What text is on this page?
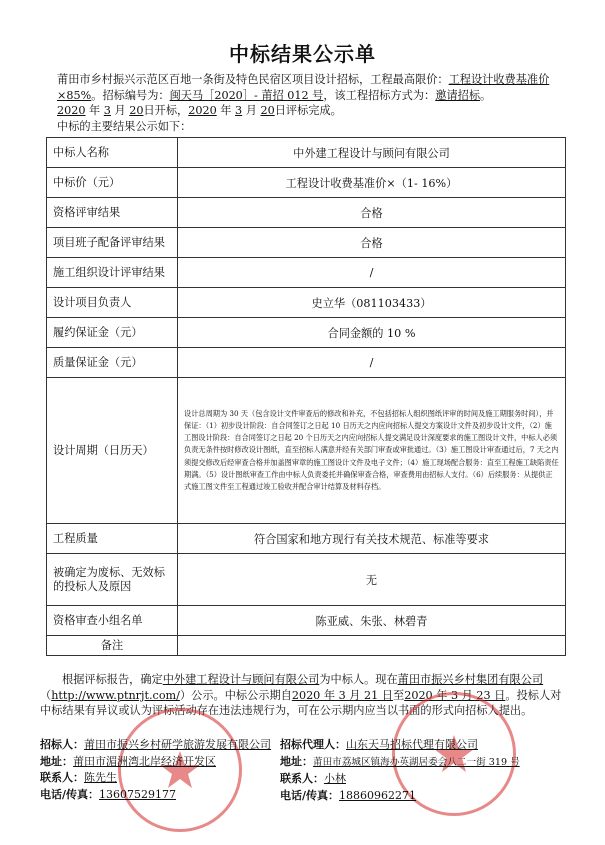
中标结果公示单
莆田市乡村振兴示范区百地一条街及特色民宿区项目设计招标，工程最高限价：工程设计收费基准价×85%。招标编号为：闽天马［2020］- 莆招 012 号，该工程招标方式为：邀请招标。
2020 年 3 月 20日开标，2020 年 3 月 20日评标完成。
中标的主要结果公示如下：
中标人名称	中外建工程设计与顾问有限公司
中标价（元）	工程设计收费基准价×（1- 16%）
资格评审结果	合格
项目班子配备评审结果	合格
施工组织设计评审结果	/
设计项目负责人	史立华（081103433）
履约保证金（元）	合同金额的 10 %
质量保证金（元）	/
设计周期（日历天）	设计总周期为 30 天（包含设计文件审查后的修改和补充，不包括招标人组织图纸评审的时间及施工期服务时间），并保证：（1）初步设计阶段：自合同签订之日起 10 日历天之内应向招标人提交方案设计文件及初步设计文件，（2）施工图设计阶段：自合同签订之日起 20 个日历天之内应向招标人提交满足设计深度要求的施工图设计文件，中标人必须负责无条件按时修改设计图纸，直至招标人满意并经有关部门审查或审批通过。（3）施工图设计审查通过后，7 天之内须提交修改后经审查合格并加盖图审章的施工图设计文件及电子文件；（4）施工现场配合服务：直至工程施工缺陷责任期满。（5）设计图纸审查工作由中标人负责委托并确保审查合格，审查费用由招标人支付。（6）后续服务：从提供正式施工图文件至工程通过竣工验收并配合审计结算及材料存档。
工程质量	符合国家和地方现行有关技术规范、标准等要求
被确定为废标、无效标的投标人及原因	无
资格审查小组名单	陈亚威、朱张、林碧青
备注	
根据评标报告，确定中外建工程设计与顾问有限公司为中标人。现在莆田市振兴乡村集团有限公司（http://www.ptnrjt.com/）公示。中标公示期自2020 年 3 月 21 日至2020 年 3 月 23 日。投标人对中标结果有异议或认为评标活动存在违法违规行为，可在公示期内应当以书面的形式向招标人提出。
招标人：莆田市振兴乡村研学旅游发展有限公司
地址：莆田市湄洲湾北岸经济开发区
联系人：陈先生
电话/传真：13607529177
招标代理人：山东天马招标代理有限公司
地址：莆田市荔城区镇海办英湖居委会八二一街 319 号
联系人：小林
电话/传真：18860962271
